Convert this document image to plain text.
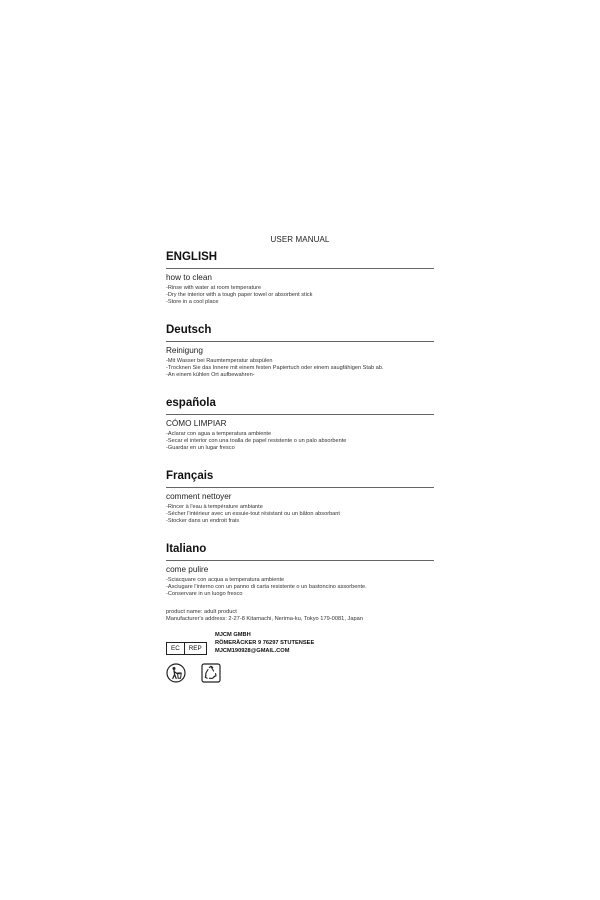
USER MANUAL
ENGLISH
how to clean
-Rinse with water at room temperature
-Dry the interior with a tough paper towel or absorbent stick
-Store in a cool place
Deutsch
Reinigung
-Mit Wasser bei Raumtemperatur abspülen
-Trocknen Sie das Innere mit einem festen Papiertuch oder einem saugfähigen Stab ab.
-An einem kühlen Ort aufbewahren-
española
CÓMO LIMPIAR
-Aclarar con agua a temperatura ambiente
-Secar el interior con una toalla de papel resistente o un palo absorbente
-Guardar en un lugar fresco
Français
comment nettoyer
-Rincer à l'eau à température ambiante
-Sécher l'intérieur avec un essuie-tout résistant ou un bâton absorbant
-Stocker dans un endroit frais
Italiano
come pulire
-Sciacquare con acqua a temperatura ambiente
-Asciugare l'interno con un panno di carta resistente o un bastoncino assorbente.
-Conservare in un luogo fresco
product name: adult product
Manufacturer's address: 2-27-8 Kitamachi, Nerima-ku, Tokyo 179-0081, Japan
EC	REP
MJCM GMBH
RÖMERÄCKER 9 76297 STUTENSEE
MJCM190928@GMAIL.COM
